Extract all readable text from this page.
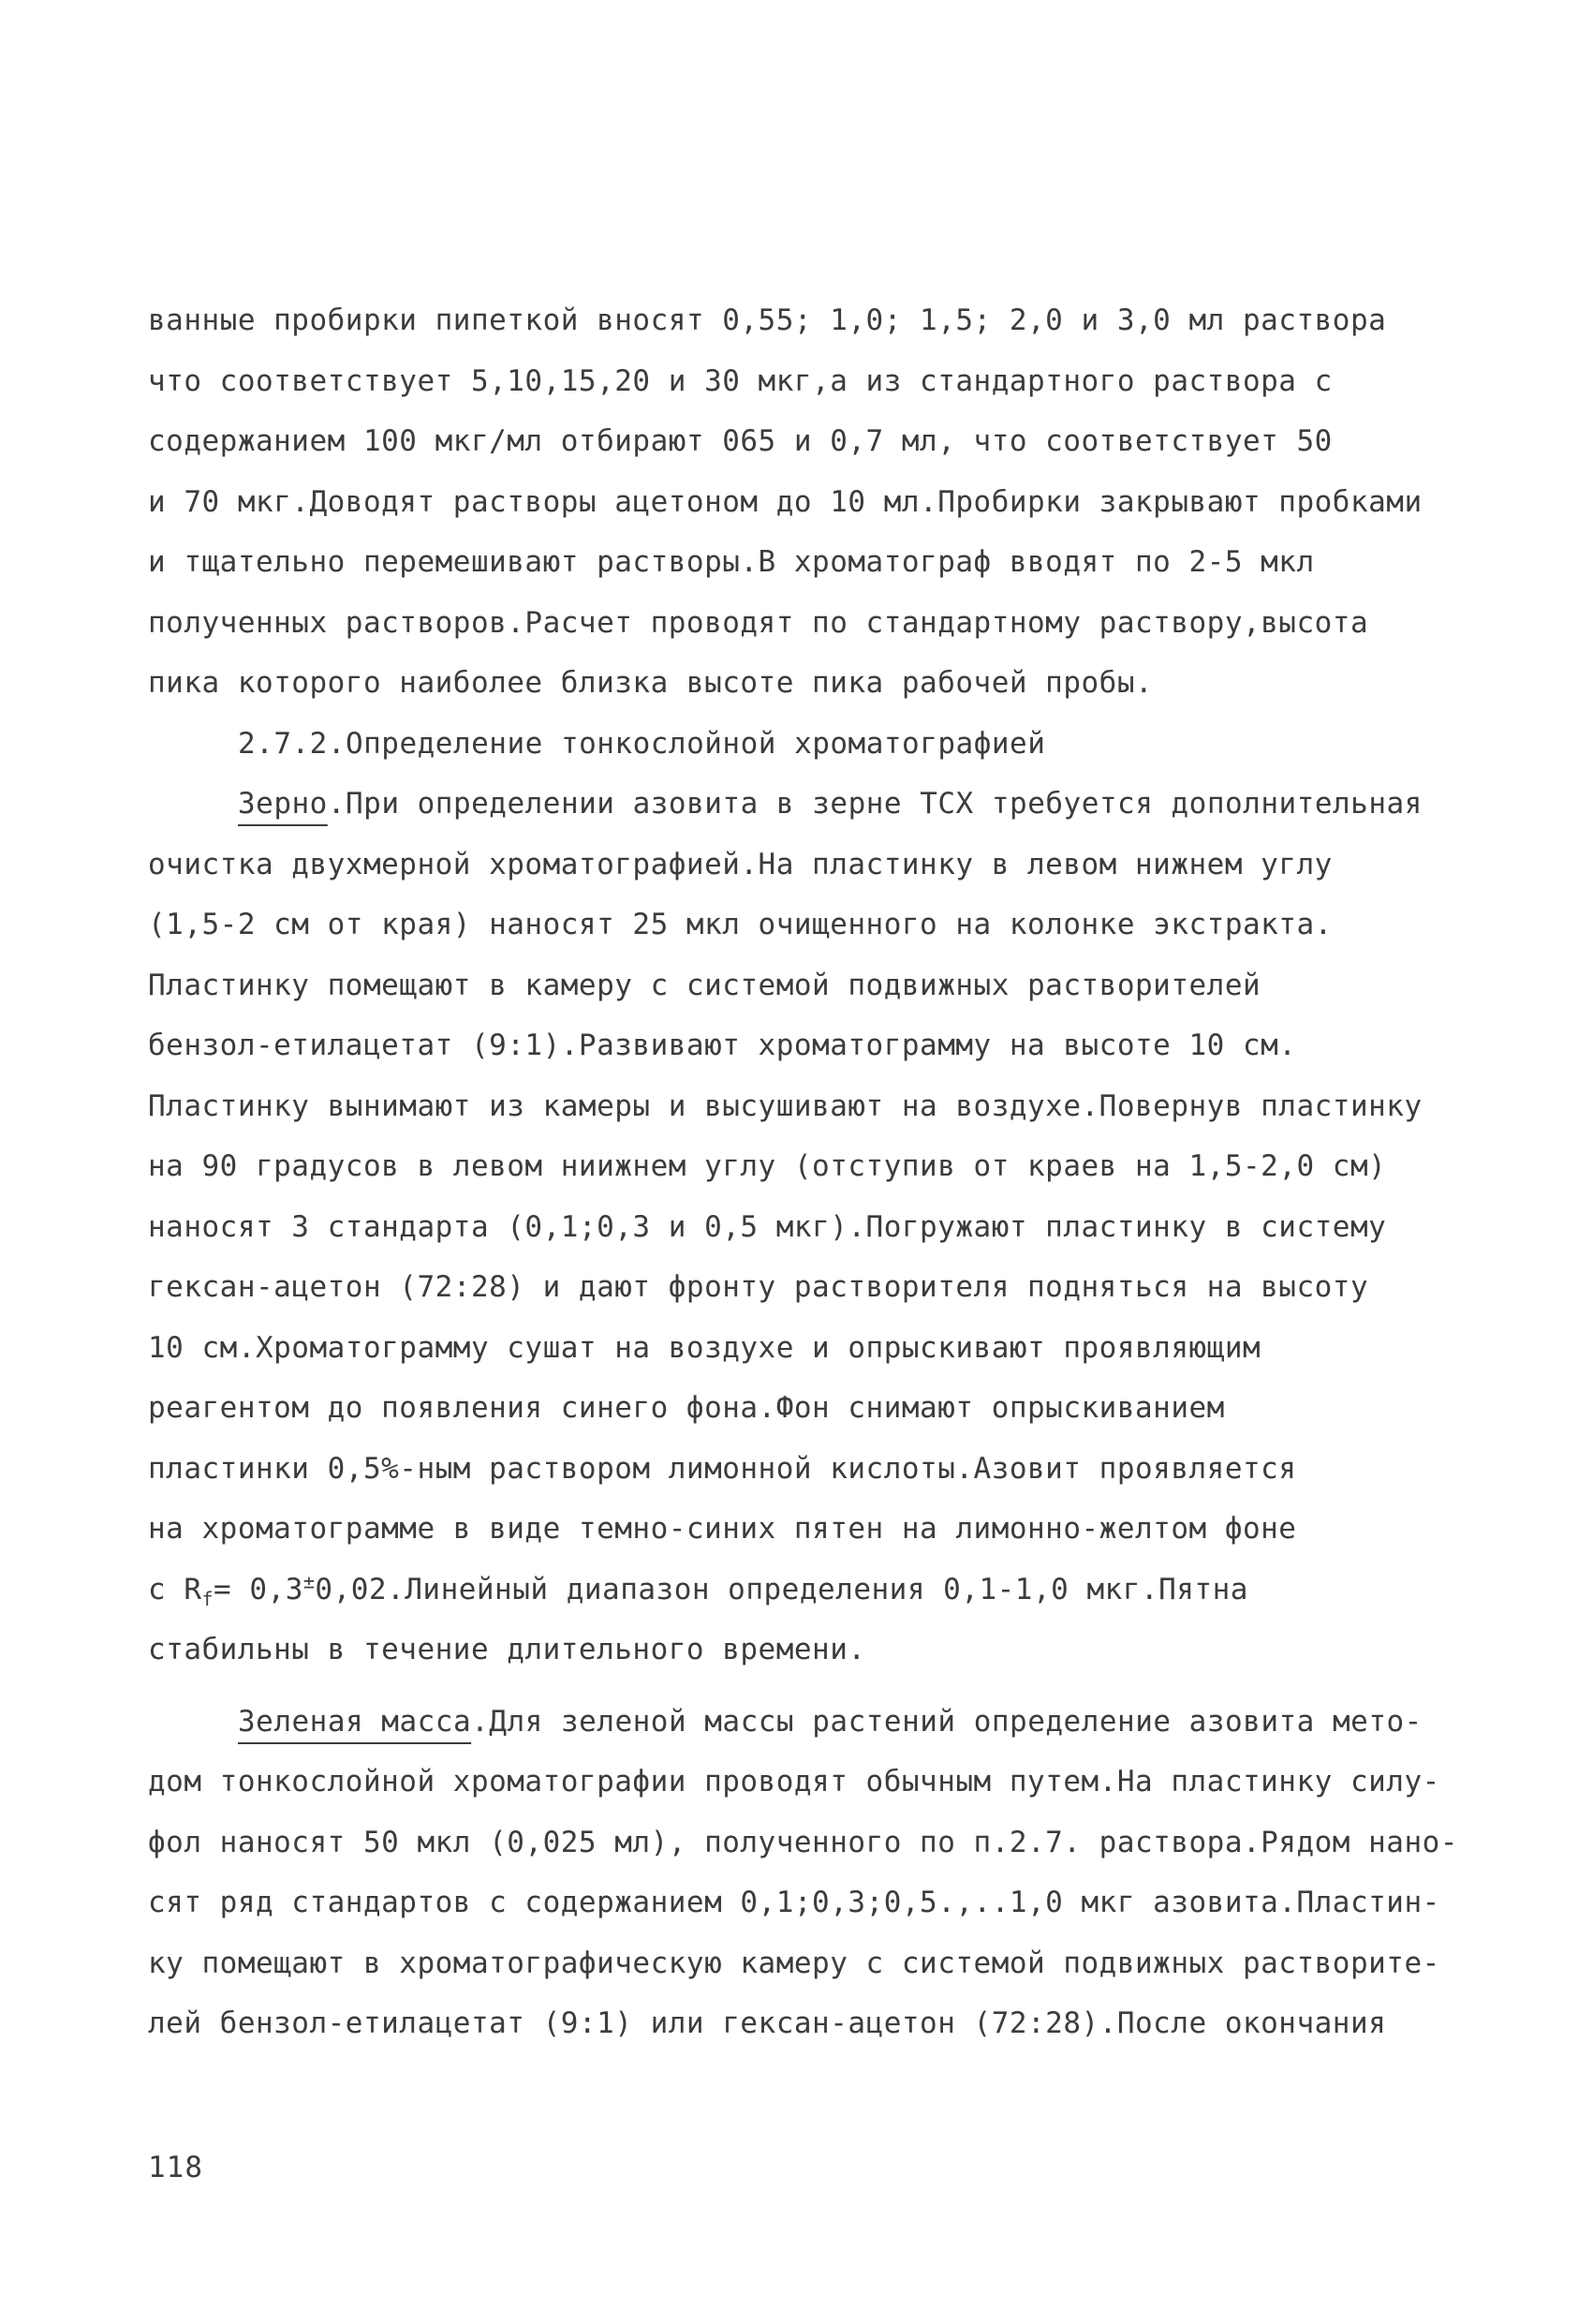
ванные пробирки пипеткой вносят 0,55; 1,0; 1,5; 2,0 и 3,0 мл раствора
что соответствует 5,10,15,20 и 30 мкг,а из стандартного раствора с
содержанием 100 мкг/мл отбирают 065 и 0,7 мл, что соответствует 50
и 70 мкг.Доводят растворы ацетоном до 10 мл.Пробирки закрывают пробками
и тщательно перемешивают растворы.В хроматограф вводят по 2-5 мкл
полученных растворов.Расчет проводят по стандартному раствору,высота
пика которого наиболее близка высоте пика рабочей пробы.
2.7.2.Определение тонкослойной хроматографией
Зерно.При определении азовита в зерне ТСХ требуется дополнительная
очистка двухмерной хроматографией.На пластинку в левом нижнем углу
(1,5-2 см от края) наносят 25 мкл очищенного на колонке экстракта.
Пластинку помещают в камеру с системой подвижных растворителей
бензол-етилацетат (9:1).Развивают хроматограмму на высоте 10 см.
Пластинку вынимают из камеры и высушивают на воздухе.Повернув пластинку
на 90 градусов в левом ниижнем углу (отступив от краев на 1,5-2,0 см)
наносят 3 стандарта (0,1;0,3 и 0,5 мкг).Погружают пластинку в систему
гексан-ацетон (72:28) и дают фронту растворителя подняться на высоту
10 см.Хроматограмму сушат на воздухе и опрыскивают проявляющим
реагентом до появления синего фона.Фон снимают опрыскиванием
пластинки 0,5%-ным раствором лимонной кислоты.Азовит проявляется
на хроматограмме в виде темно-синих пятен на лимонно-желтом фоне
с $R_f=$ 0,3±0,02.Линейный диапазон определения 0,1-1,0 мкг.Пятна
стабильны в течение длительного времени.
Зеленая масса.Для зеленой массы растений определение азовита мето-
дом тонкослойной хроматографии проводят обычным путем.На пластинку силу-
фол наносят 50 мкл (0,025 мл), полученного по п.2.7. раствора.Рядом нано-
сят ряд стандартов с содержанием 0,1;0,3;0,5.,..1,0 мкг азовита.Пластин-
ку помещают в хроматографическую камеру с системой подвижных растворите-
лей бензол-етилацетат (9:1) или гексан-ацетон (72:28).После окончания
118
